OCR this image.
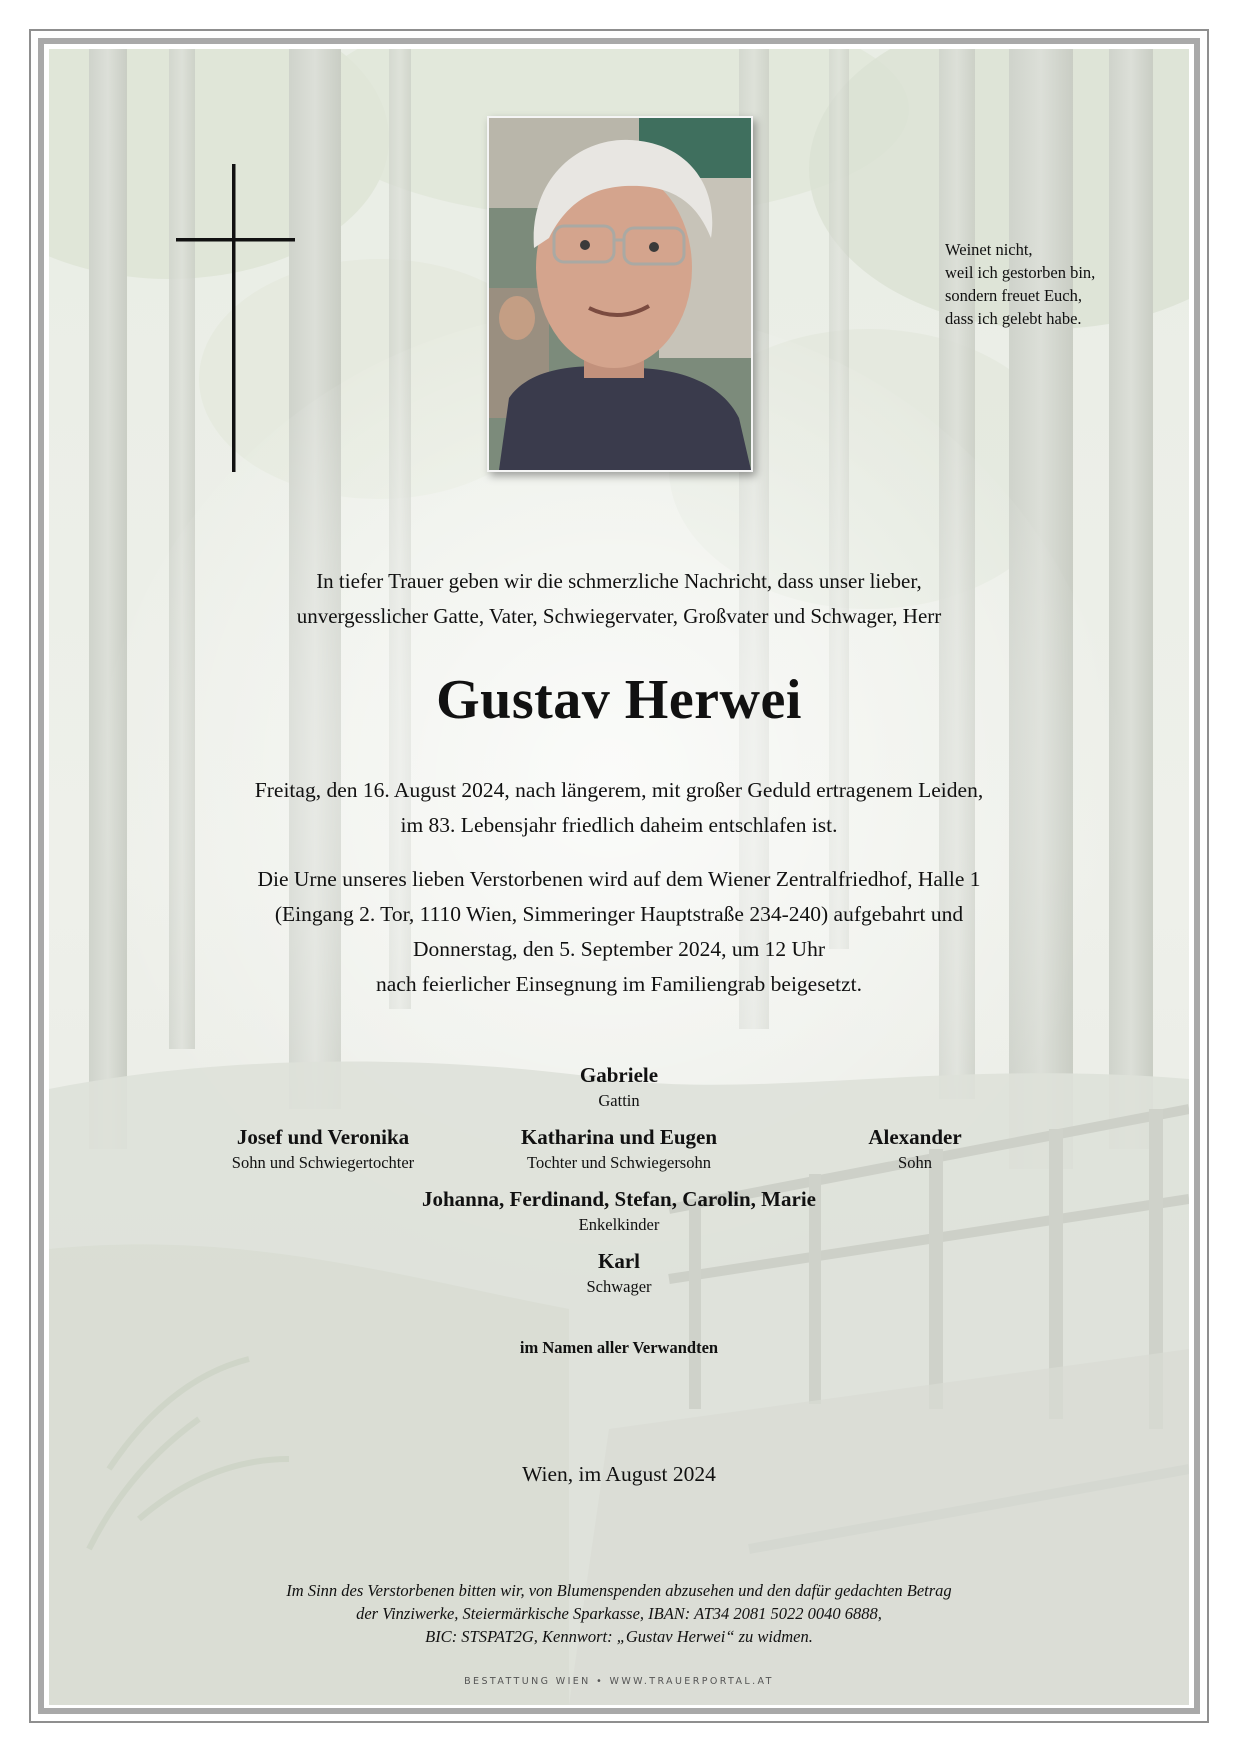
Weinet nicht,
weil ich gestorben bin,
sondern freuet Euch,
dass ich gelebt habe.
In tiefer Trauer geben wir die schmerzliche Nachricht, dass unser lieber,
unvergesslicher Gatte, Vater, Schwiegervater, Großvater und Schwager, Herr
Gustav Herwei
Freitag, den 16. August 2024, nach längerem, mit großer Geduld ertragenem Leiden,
im 83. Lebensjahr friedlich daheim entschlafen ist.
Die Urne unseres lieben Verstorbenen wird auf dem Wiener Zentralfriedhof, Halle 1
(Eingang 2. Tor, 1110 Wien, Simmeringer Hauptstraße 234-240) aufgebahrt und
Donnerstag, den 5. September 2024, um 12 Uhr
nach feierlicher Einsegnung im Familiengrab beigesetzt.
Gabriele
Gattin
Josef und Veronika
Sohn und Schwiegertochter
Katharina und Eugen
Tochter und Schwiegersohn
Alexander
Sohn
Johanna, Ferdinand, Stefan, Carolin, Marie
Enkelkinder
Karl
Schwager
im Namen aller Verwandten
Wien, im August 2024
Im Sinn des Verstorbenen bitten wir, von Blumenspenden abzusehen und den dafür gedachten Betrag
der Vinziwerke, Steiermärkische Sparkasse, IBAN: AT34 2081 5022 0040 6888,
BIC: STSPAT2G, Kennwort: „Gustav Herwei“ zu widmen.
BESTATTUNG WIEN • WWW.TRAUERPORTAL.AT
